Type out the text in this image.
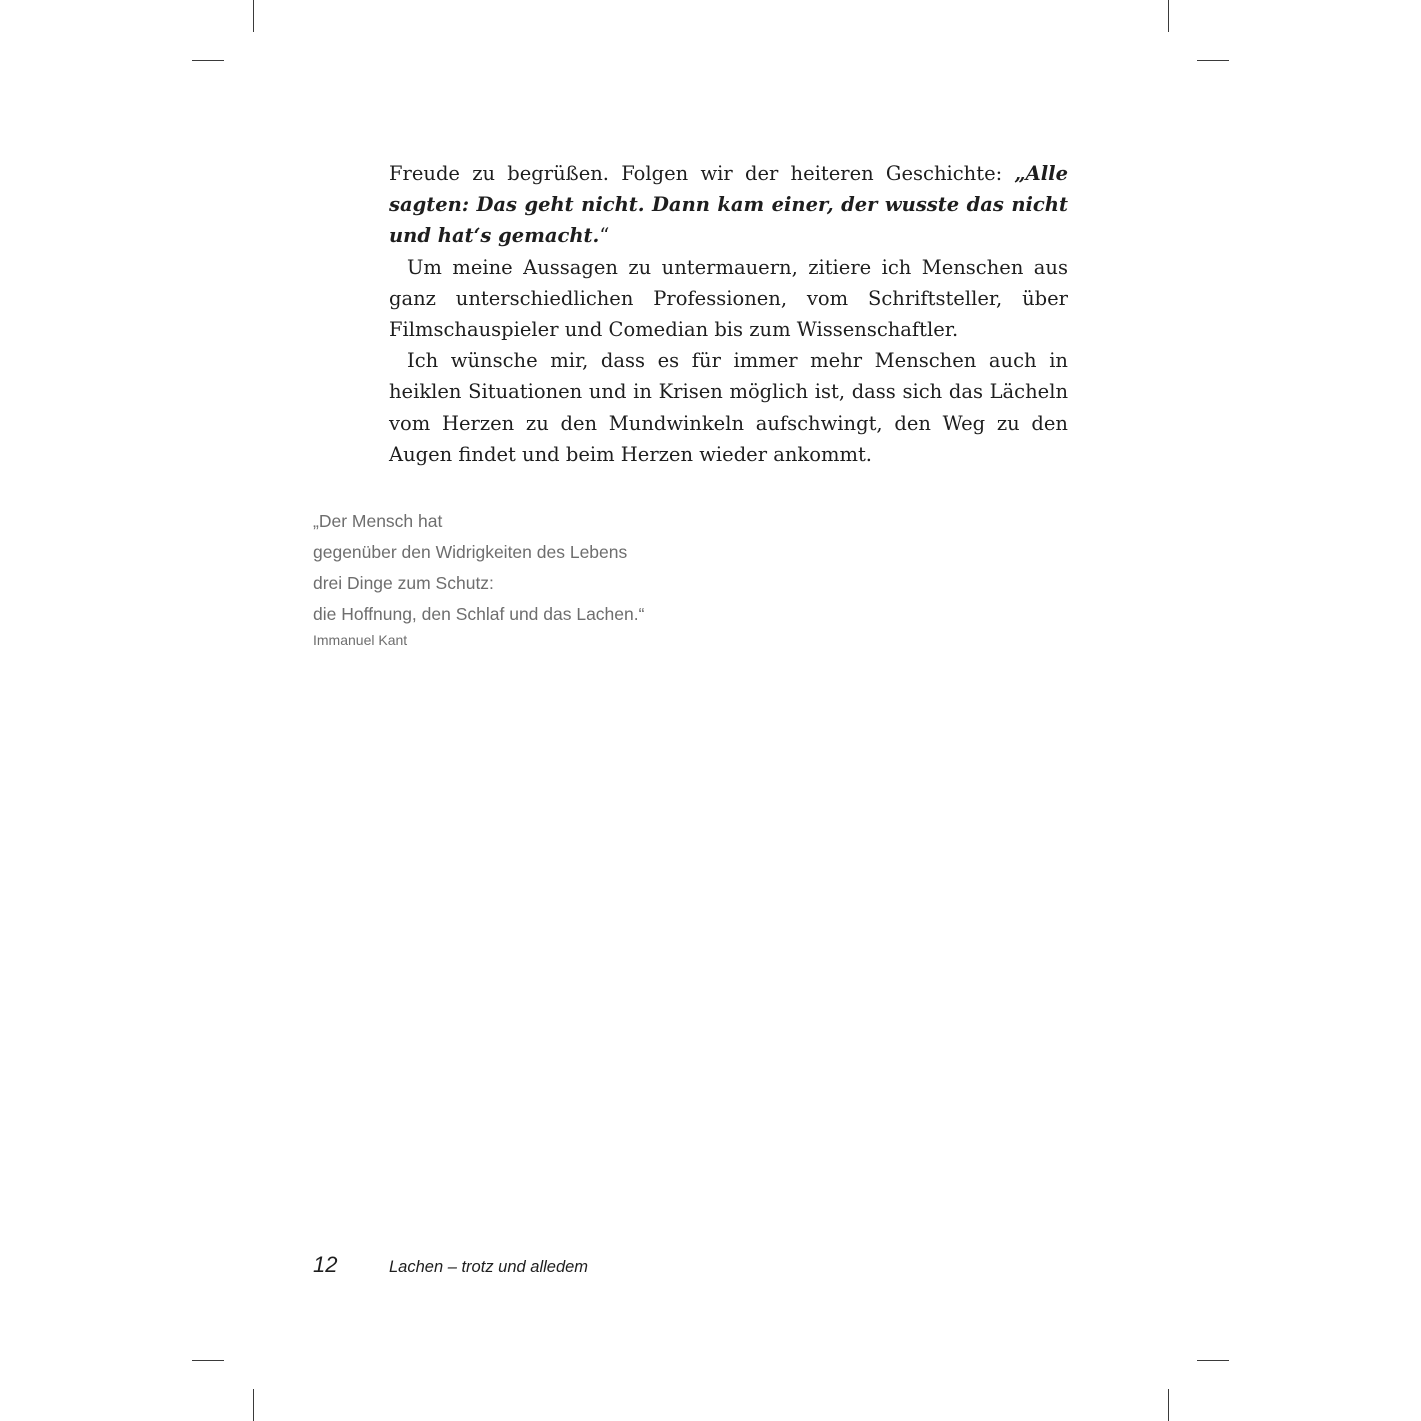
Freude zu begrüßen. Folgen wir der heiteren Geschichte: „Alle sagten: Das geht nicht. Dann kam einer, der wusste das nicht und hat‘s gemacht.“

Um meine Aussagen zu untermauern, zitiere ich Menschen aus ganz unterschiedlichen Professionen, vom Schriftsteller, über Filmschauspieler und Comedian bis zum Wissenschaftler.

Ich wünsche mir, dass es für immer mehr Menschen auch in heiklen Situationen und in Krisen möglich ist, dass sich das Lächeln vom Herzen zu den Mundwinkeln aufschwingt, den Weg zu den Augen findet und beim Herzen wieder ankommt.

„Der Mensch hat
gegenüber den Widrigkeiten des Lebens
drei Dinge zum Schutz:
die Hoffnung, den Schlaf und das Lachen.“
Immanuel Kant
12	Lachen – trotz und alledem
